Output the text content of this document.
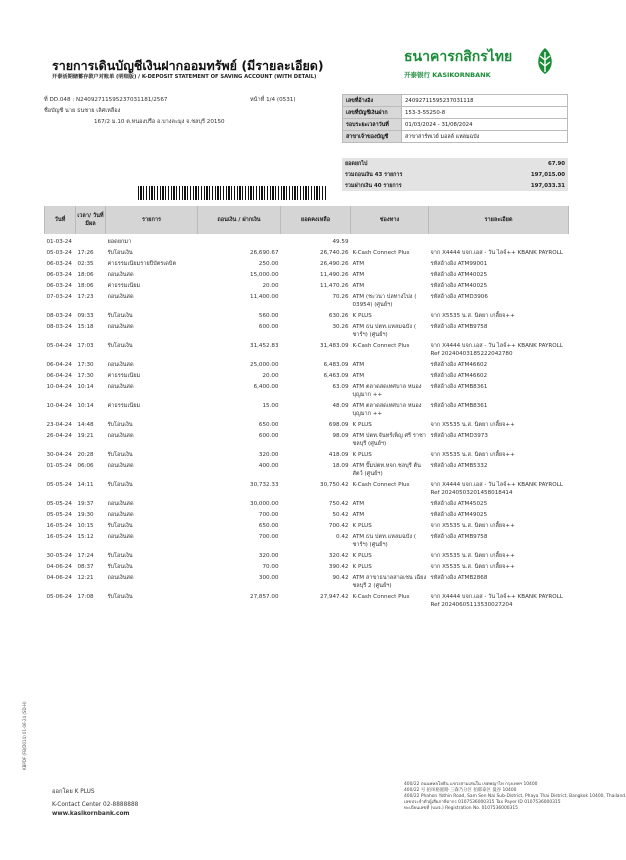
รายการเดินบัญชีเงินฝากออมทรัพย์ (มีรายละเอียด)
开泰活期储蓄存款户对账单 (明细版) / K-DEPOSIT STATEMENT OF SAVING ACCOUNT (WITH DETAIL)
ธนาคารกสิกรไทย
开泰银行 KASIKORNBANK
ที่ DD.048 : N24092711595237031181/2567	หน้าที่ 1/4 (0531)
ชื่อบัญชี นาย ธนชาย เลิศเหลือง
167/2 ม.10 ต.หนองปรือ อ.บางละมุง จ.ชลบุรี 20150
เลขที่อ้างอิง	24092711595237031118
เลขที่บัญชีเงินฝาก	153-3-55250-8
รอบระยะเวลาวันที่	01/03/2024 - 31/08/2024
สาขาเจ้าของบัญชี	สาขาสาร์ทเวย์ มอลล์ แหลมฉบัง
ยอดยกไป	67.90
รวมถอนเงิน 43 รายการ	197,015.00
รวมฝากเงิน 40 รายการ	197,033.31
วันที่	เวลา/ วันที่มีผล	รายการ	ถอนเงิน / ฝากเงิน	ยอดคงเหลือ	ช่องทาง	รายละเอียด

01-03-24		ยอดยกมา		49.59		

05-03-24	17:26	รับโอนเงิน	26,690.67	26,740.26	K-Cash Connect Plus	จาก X4444 บจก.เอส - วัน ไลจ์++ KBANK PAYROLL

06-03-24	02:35	ค่าธรรมเนียมรายปีบัตรเดบิต	250.00	26,490.26	ATM	รหัสอ้างอิง ATM99001

06-03-24	18:06	ถอนเงินสด	15,000.00	11,490.26	ATM	รหัสอ้างอิง ATM40025

06-03-24	18:06	ค่าธรรมเนียม	20.00	11,470.26	ATM	รหัสอ้างอิง ATM40025

07-03-24	17:23	ถอนเงินสด	11,400.00	70.26	ATM (ชะวนา ปลทางไปง ( 03954) (ศูนย์ฯ)	รหัสอ้างอิง ATMD3906

08-03-24	09:33	รับโอนเงิน	560.00	630.26	K PLUS	จาก X5535 น.ส. นิตยา เกลี้ยจ++

08-03-24	15:18	ถอนเงินสด	600.00	30.26	ATM ธน ปตท.แหลมฉบัง ( ชาร์ฯ) (ศูนย์ฯ)	รหัสอ้างอิง ATMB9758

05-04-24	17:03	รับโอนเงิน	31,452.83	31,483.09	K-Cash Connect Plus	จาก X4444 บจก.เอส - วัน ไลจ์++ KBANK PAYROLL Ref 20240403185222042780

06-04-24	17:30	ถอนเงินสด	25,000.00	6,483.09	ATM	รหัสอ้างอิง ATM46602

06-04-24	17:30	ค่าธรรมเนียม	20.00	6,463.09	ATM	รหัสอ้างอิง ATM46602

10-04-24	10:14	ถอนเงินสด	6,400.00	63.09	ATM ตลาดสดเทศบาล หนองบุญมาก ++	รหัสอ้างอิง ATMB8361

10-04-24	10:14	ค่าธรรมเนียม	15.00	48.09	ATM ตลาดสดเทศบาล หนองบุญมาก ++	รหัสอ้างอิง ATMB8361

23-04-24	14:48	รับโอนเงิน	650.00	698.09	K PLUS	จาก X5535 น.ส. นิตยา เกลี้ยจ++

26-04-24	19:21	ถอนเงินสด	600.00	98.09	ATM ปตท.จันทร์เพ็ญ ศรี ราชา ชลบุรี (ศูนย์ฯ)	รหัสอ้างอิง ATMD3973

30-04-24	20:28	รับโอนเงิน	320.00	418.09	K PLUS	จาก X5535 น.ส. นิตยา เกลี้ยจ++

01-05-24	06:06	ถอนเงินสด	400.00	18.09	ATM ปั๊มปตท.หจก.ชลบุรี ต้นสัตว์ (ศูนย์ฯ)	รหัสอ้างอิง ATMB5332

05-05-24	14:11	รับโอนเงิน	30,732.33	30,750.42	K-Cash Connect Plus	จาก X4444 บจก.เอส - วัน ไลจ์++ KBANK PAYROLL Ref 20240503201458018414

05-05-24	19:37	ถอนเงินสด	30,000.00	750.42	ATM	รหัสอ้างอิง ATM45025

05-05-24	19:30	ถอนเงินสด	700.00	50.42	ATM	รหัสอ้างอิง ATM49025

16-05-24	10:15	รับโอนเงิน	650.00	700.42	K PLUS	จาก X5535 น.ส. นิตยา เกลี้ยจ++

16-05-24	15:12	ถอนเงินสด	700.00	0.42	ATM ธน ปตท.แหลมฉบัง ( ชาร์ฯ) (ศูนย์ฯ)	รหัสอ้างอิง ATMB9758

30-05-24	17:24	รับโอนเงิน	320.00	320.42	K PLUS	จาก X5535 น.ส. นิตยา เกลี้ยจ++

04-06-24	08:37	รับโอนเงิน	70.00	390.42	K PLUS	จาก X5535 น.ส. นิตยา เกลี้ยจ++

04-06-24	12:21	ถอนเงินสด	300.00	90.42	ATM สาขาธนาลสาอเชน เฉียง ชลบุรี 2 (ศูนย์ฯ)	รหัสอ้างอิง ATMB2868

05-06-24	17:08	รับโอนเงิน	27,857.00	27,947.42	K-Cash Connect Plus	จาก X4444 บจก.เอส - วัน ไลจ์++ KBANK PAYROLL Ref 20240605113530027204

KBPDF (FB/D014) 01-06-24 (SD-H)
ออกโดย K PLUS
K-Contact Center 02-8888888
www.kasikornbank.com
400/22 ถนนพหลโยธิน แขวงสามเสนใน เขตพญาไท กรุงเทพฯ 10400
400/22 号 拍凤裕庭路 三森乃分区 拍耶泰区 曼谷 10400
400/22 Phahon Yothin Road, Sam Sen Nai Sub-District, Phaya Thai District, Bangkok 10400, Thailand.
เลขประจำตัวผู้เสียภาษีอากร 0107536000315 Tax Payer ID 0107536000315
ทะเบียนเลขที่ (บมจ.) Registration No. 0107536000315
